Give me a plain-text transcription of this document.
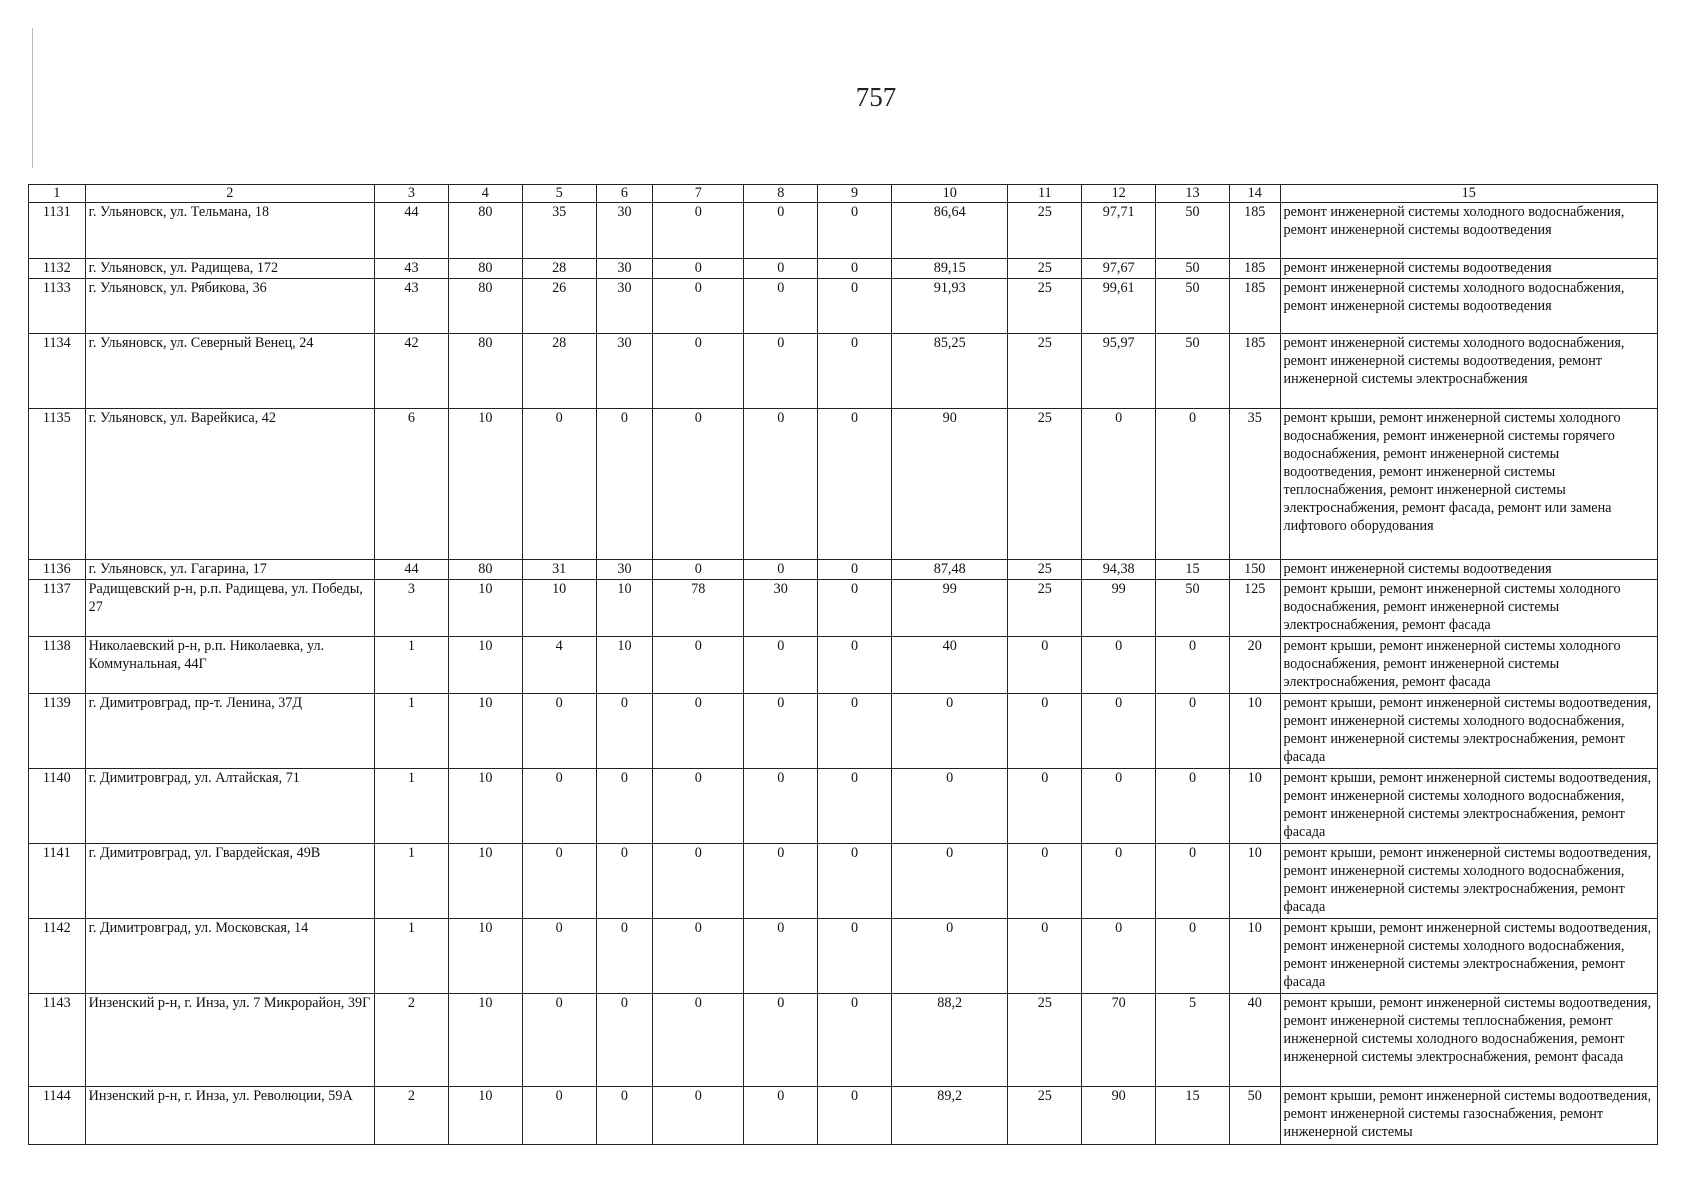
757
1	2	3	4	5	6	7	8	9	10	11	12	13	14	15
1131	г. Ульяновск, ул. Тельмана, 18	44	80	35	30	0	0	0	86,64	25	97,71	50	185	ремонт инженерной системы холодного водоснабжения, ремонт инженерной системы водоотведения
1132	г. Ульяновск, ул. Радищева, 172	43	80	28	30	0	0	0	89,15	25	97,67	50	185	ремонт инженерной системы водоотведения
1133	г. Ульяновск, ул. Рябикова, 36	43	80	26	30	0	0	0	91,93	25	99,61	50	185	ремонт инженерной системы холодного водоснабжения, ремонт инженерной системы водоотведения
1134	г. Ульяновск, ул. Северный Венец, 24	42	80	28	30	0	0	0	85,25	25	95,97	50	185	ремонт инженерной системы холодного водоснабжения, ремонт инженерной системы водоотведения, ремонт инженерной системы электроснабжения
1135	г. Ульяновск, ул. Варейкиса, 42	6	10	0	0	0	0	0	90	25	0	0	35	ремонт крыши, ремонт инженерной системы холодного водоснабжения, ремонт инженерной системы горячего водоснабжения, ремонт инженерной системы водоотведения, ремонт инженерной системы теплоснабжения, ремонт инженерной системы электроснабжения, ремонт фасада, ремонт или замена лифтового оборудования
1136	г. Ульяновск, ул. Гагарина, 17	44	80	31	30	0	0	0	87,48	25	94,38	15	150	ремонт инженерной системы водоотведения
1137	Радищевский р-н, р.п. Радищева, ул. Победы, 27	3	10	10	10	78	30	0	99	25	99	50	125	ремонт крыши, ремонт инженерной системы холодного водоснабжения, ремонт инженерной системы электроснабжения, ремонт фасада
1138	Николаевский р-н, р.п. Николаевка, ул. Коммунальная, 44Г	1	10	4	10	0	0	0	40	0	0	0	20	ремонт крыши, ремонт инженерной системы холодного водоснабжения, ремонт инженерной системы электроснабжения, ремонт фасада
1139	г. Димитровград, пр-т. Ленина, 37Д	1	10	0	0	0	0	0	0	0	0	0	10	ремонт крыши, ремонт инженерной системы водоотведения, ремонт инженерной системы холодного водоснабжения, ремонт инженерной системы электроснабжения, ремонт фасада
1140	г. Димитровград, ул. Алтайская, 71	1	10	0	0	0	0	0	0	0	0	0	10	ремонт крыши, ремонт инженерной системы водоотведения, ремонт инженерной системы холодного водоснабжения, ремонт инженерной системы электроснабжения, ремонт фасада
1141	г. Димитровград, ул. Гвардейская, 49В	1	10	0	0	0	0	0	0	0	0	0	10	ремонт крыши, ремонт инженерной системы водоотведения, ремонт инженерной системы холодного водоснабжения, ремонт инженерной системы электроснабжения, ремонт фасада
1142	г. Димитровград, ул. Московская, 14	1	10	0	0	0	0	0	0	0	0	0	10	ремонт крыши, ремонт инженерной системы водоотведения, ремонт инженерной системы холодного водоснабжения, ремонт инженерной системы электроснабжения, ремонт фасада
1143	Инзенский р-н, г. Инза, ул. 7 Микрорайон, 39Г	2	10	0	0	0	0	0	88,2	25	70	5	40	ремонт крыши, ремонт инженерной системы водоотведения, ремонт инженерной системы теплоснабжения, ремонт инженерной системы холодного водоснабжения, ремонт инженерной системы электроснабжения, ремонт фасада
1144	Инзенский р-н, г. Инза, ул. Революции, 59А	2	10	0	0	0	0	0	89,2	25	90	15	50	ремонт крыши, ремонт инженерной системы водоотведения, ремонт инженерной системы газоснабжения, ремонт инженерной системы
